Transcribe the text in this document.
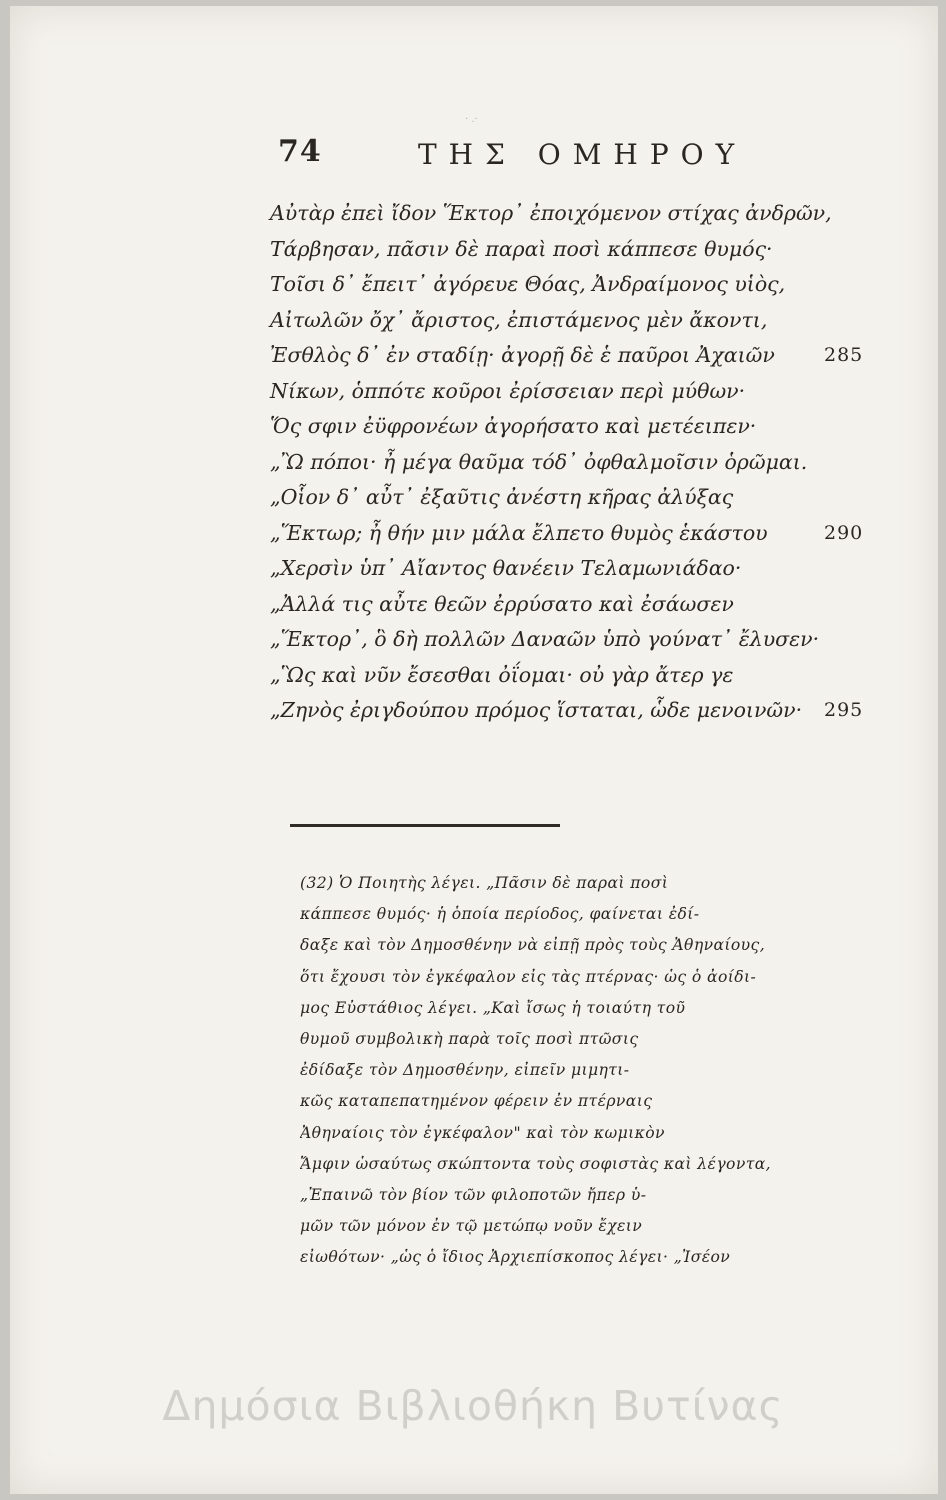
· .·
74	ΤΗΣ ΟΜΗΡΟΥ
Αὐτὰρ ἐπεὶ ἴδον Ἕκτορ᾽ ἐποιχόμενον στίχας ἀνδρῶν,
Τάρβησαν, πᾶσιν δὲ παραὶ ποσὶ κάππεσε θυμός·
Τοῖσι δ᾽ ἔπειτ᾽ ἀγόρευε Θόας, Ἀνδραίμονος υἱὸς,
Αἰτωλῶν ὄχ᾽ ἄριστος, ἐπιστάμενος μὲν ἄκοντι,
Ἐσθλὸς δ᾽ ἐν σταδίῃ· ἀγορῇ δὲ ἑ παῦροι Ἀχαιῶν	285
Νίκων, ὁππότε κοῦροι ἐρίσσειαν περὶ μύθων·
Ὅς σφιν ἐϋφρονέων ἀγορήσατο καὶ μετέειπεν·
„Ὢ πόποι· ἦ μέγα θαῦμα τόδ᾽ ὀφθαλμοῖσιν ὁρῶμαι.
„Οἷον δ᾽ αὖτ᾽ ἐξαῦτις ἀνέστη κῆρας ἀλύξας
„Ἕκτωρ; ἦ θήν μιν μάλα ἔλπετο θυμὸς ἑκάστου	290
„Χερσὶν ὑπ᾽ Αἴαντος θανέειν Τελαμωνιάδαο·
„Ἀλλά τις αὖτε θεῶν ἐρρύσατο καὶ ἐσάωσεν
„Ἕκτορ᾽, ὃ δὴ πολλῶν Δαναῶν ὑπὸ γούνατ᾽ ἔλυσεν·
„Ὣς καὶ νῦν ἔσεσθαι ὀΐομαι· οὐ γὰρ ἄτερ γε
„Ζηνὸς ἐριγδούπου πρόμος ἵσταται, ὧδε μενοινῶν· 295
(32) Ὁ Ποιητὴς λέγει. „Πᾶσιν δὲ παραὶ ποσὶ
κάππεσε θυμός· ἡ ὁποία περίοδος, φαίνεται ἐδί-
δαξε καὶ τὸν Δημοσθένην νὰ εἰπῇ πρὸς τοὺς Ἀθηναίους,
ὅτι ἔχουσι τὸν ἐγκέφαλον εἰς τὰς πτέρνας· ὡς ὁ ἀοίδι-
μος Εὐστάθιος λέγει. „Καὶ ἴσως ἡ τοιαύτη τοῦ
θυμοῦ συμβολικὴ παρὰ τοῖς ποσὶ πτῶσις
ἐδίδαξε τὸν Δημοσθένην, εἰπεῖν μιμητι-
κῶς καταπεπατημένον φέρειν ἐν πτέρναις
Ἀθηναίοις τὸν ἐγκέφαλον" καὶ τὸν κωμικὸν
Ἄμφιν ὡσαύτως σκώπτοντα τοὺς σοφιστὰς καὶ λέγοντα,
„Ἐπαινῶ τὸν βίον τῶν φιλοποτῶν ἤπερ ὑ-
μῶν τῶν μόνον ἐν τῷ μετώπῳ νοῦν ἔχειν
εἰωθότων· „ὡς ὁ ἴδιος Ἀρχιεπίσκοπος λέγει· „Ἰσέον
Δημόσια Βιβλιοθήκη Βυτίνας
